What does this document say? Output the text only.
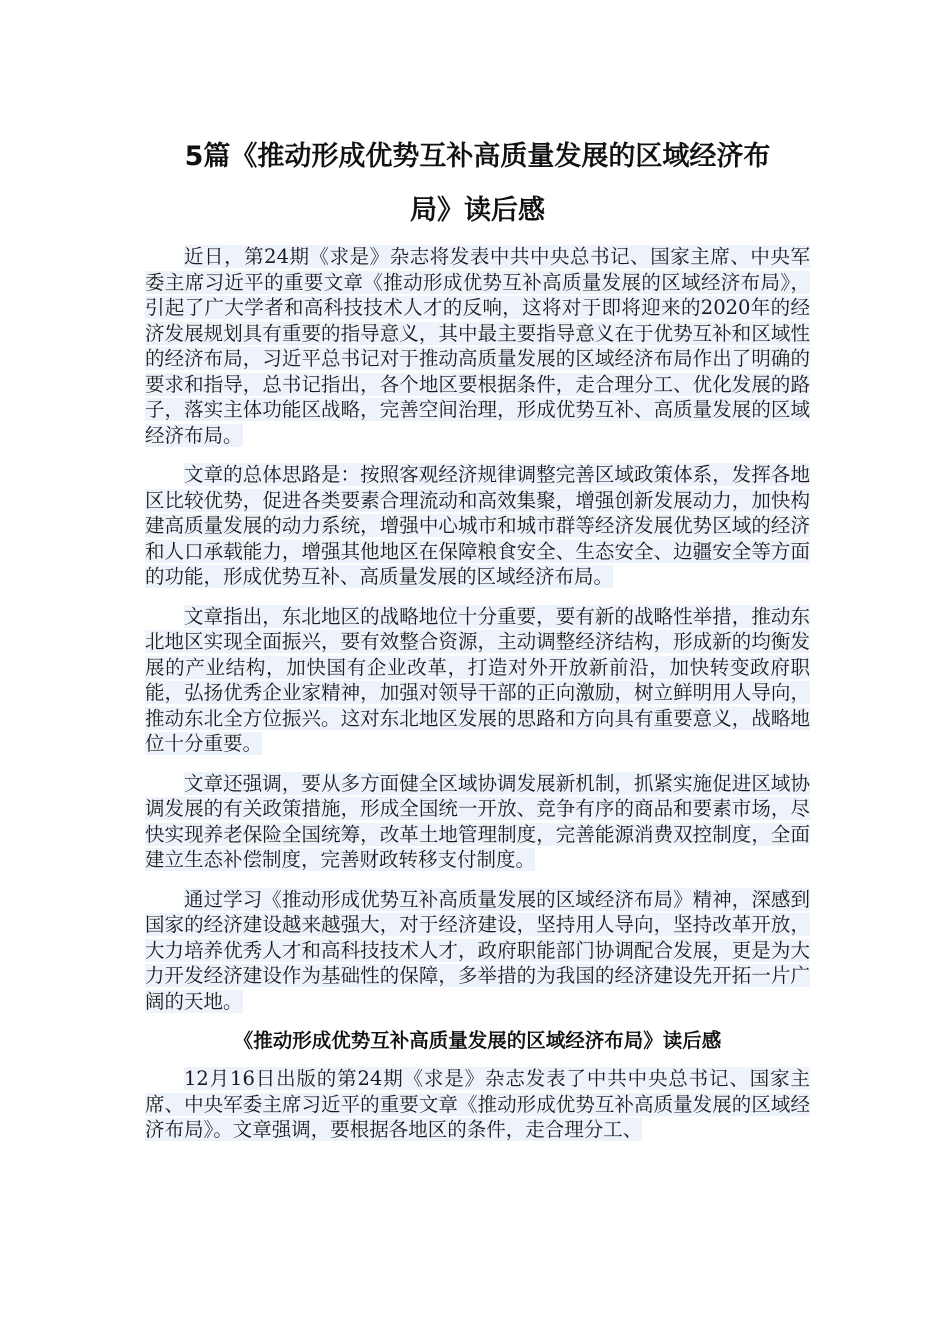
5篇《推动形成优势互补高质量发展的区域经济布
局》读后感

近日，第24期《求是》杂志将发表中共中央总书记、国家主席、中央军委主席习近平的重要文章《推动形成优势互补高质量发展的区域经济布局》，引起了广大学者和高科技技术人才的反响，这将对于即将迎来的2020年的经济发展规划具有重要的指导意义，其中最主要指导意义在于优势互补和区域性的经济布局，习近平总书记对于推动高质量发展的区域经济布局作出了明确的要求和指导，总书记指出，各个地区要根据条件，走合理分工、优化发展的路子，落实主体功能区战略，完善空间治理，形成优势互补、高质量发展的区域经济布局。

文章的总体思路是：按照客观经济规律调整完善区域政策体系，发挥各地区比较优势，促进各类要素合理流动和高效集聚，增强创新发展动力，加快构建高质量发展的动力系统，增强中心城市和城市群等经济发展优势区域的经济和人口承载能力，增强其他地区在保障粮食安全、生态安全、边疆安全等方面的功能，形成优势互补、高质量发展的区域经济布局。

文章指出，东北地区的战略地位十分重要，要有新的战略性举措，推动东北地区实现全面振兴，要有效整合资源，主动调整经济结构，形成新的均衡发展的产业结构，加快国有企业改革，打造对外开放新前沿，加快转变政府职能，弘扬优秀企业家精神，加强对领导干部的正向激励，树立鲜明用人导向，推动东北全方位振兴。这对东北地区发展的思路和方向具有重要意义，战略地位十分重要。

文章还强调，要从多方面健全区域协调发展新机制，抓紧实施促进区域协调发展的有关政策措施，形成全国统一开放、竞争有序的商品和要素市场，尽快实现养老保险全国统筹，改革土地管理制度，完善能源消费双控制度，全面建立生态补偿制度，完善财政转移支付制度。

通过学习《推动形成优势互补高质量发展的区域经济布局》精神，深感到国家的经济建设越来越强大，对于经济建设，坚持用人导向，坚持改革开放，大力培养优秀人才和高科技技术人才，政府职能部门协调配合发展，更是为大力开发经济建设作为基础性的保障，多举措的为我国的经济建设先开拓一片广阔的天地。

《推动形成优势互补高质量发展的区域经济布局》读后感

12月16日出版的第24期《求是》杂志发表了中共中央总书记、国家主席、中央军委主席习近平的重要文章《推动形成优势互补高质量发展的区域经济布局》。文章强调，要根据各地区的条件，走合理分工、
